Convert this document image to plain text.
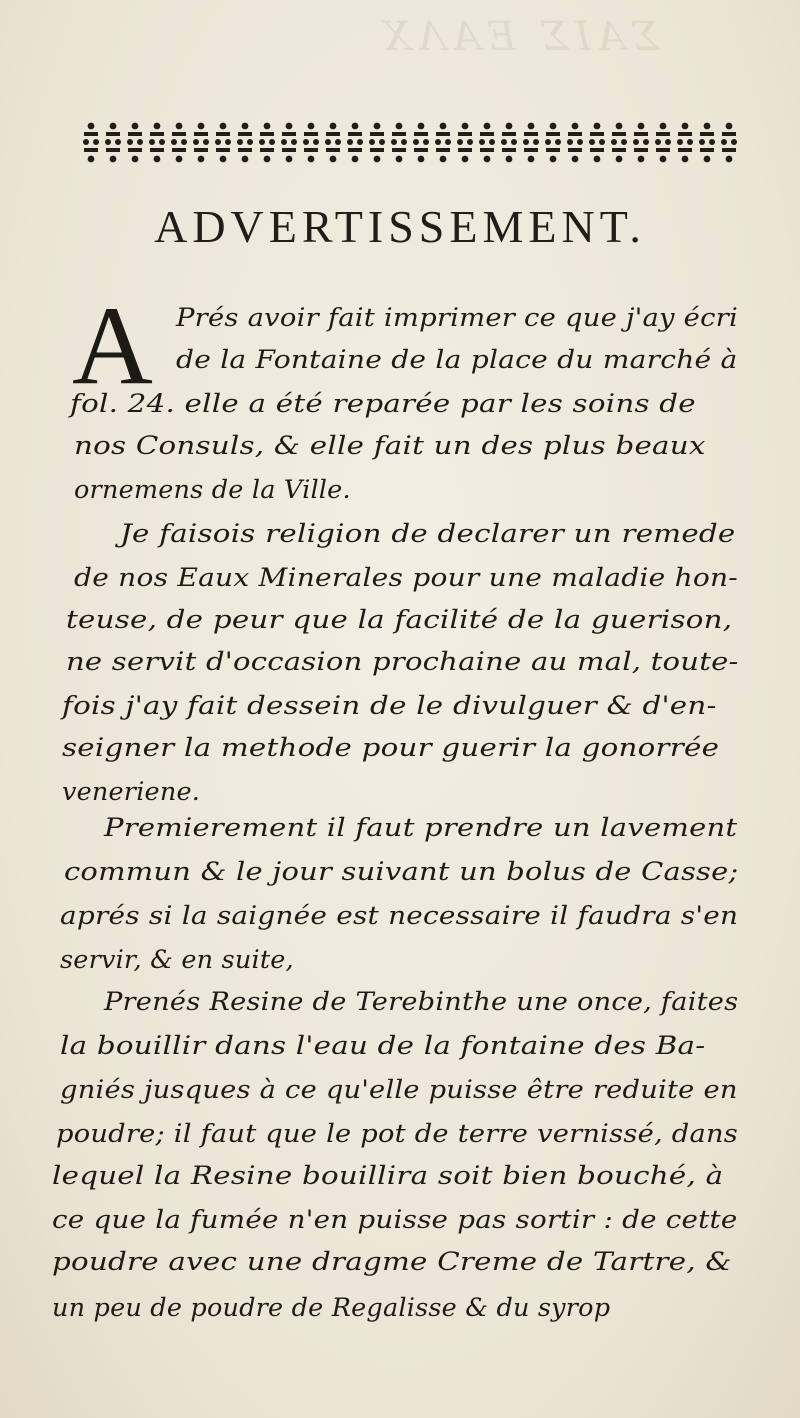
ΣΑΙΣ ΕΑΛΧ
ADVERTISSEMENT.
A Prés avoir fait imprimer ce que j'ay écri
de la Fontaine de la place du marché à
fol. 24. elle a été reparée par les soins de
nos Consuls, & elle fait un des plus beaux
ornemens de la Ville.
Je faisois religion de declarer un remede
de nos Eaux Minerales pour une maladie hon-
teuse, de peur que la facilité de la guerison,
ne servit d'occasion prochaine au mal, toute-
fois j'ay fait dessein de le divulguer & d'en-
seigner la methode pour guerir la gonorrée
veneriene.
Premierement il faut prendre un lavement
commun & le jour suivant un bolus de Casse;
aprés si la saignée est necessaire il faudra s'en
servir, & en suite,
Prenés Resine de Terebinthe une once, faites
la bouillir dans l'eau de la fontaine des Ba-
gniés jusques à ce qu'elle puisse être reduite en
poudre; il faut que le pot de terre vernissé, dans
lequel la Resine bouillira soit bien bouché, à
ce que la fumée n'en puisse pas sortir : de cette
poudre avec une dragme Creme de Tartre, &
un peu de poudre de Regalisse & du syrop
